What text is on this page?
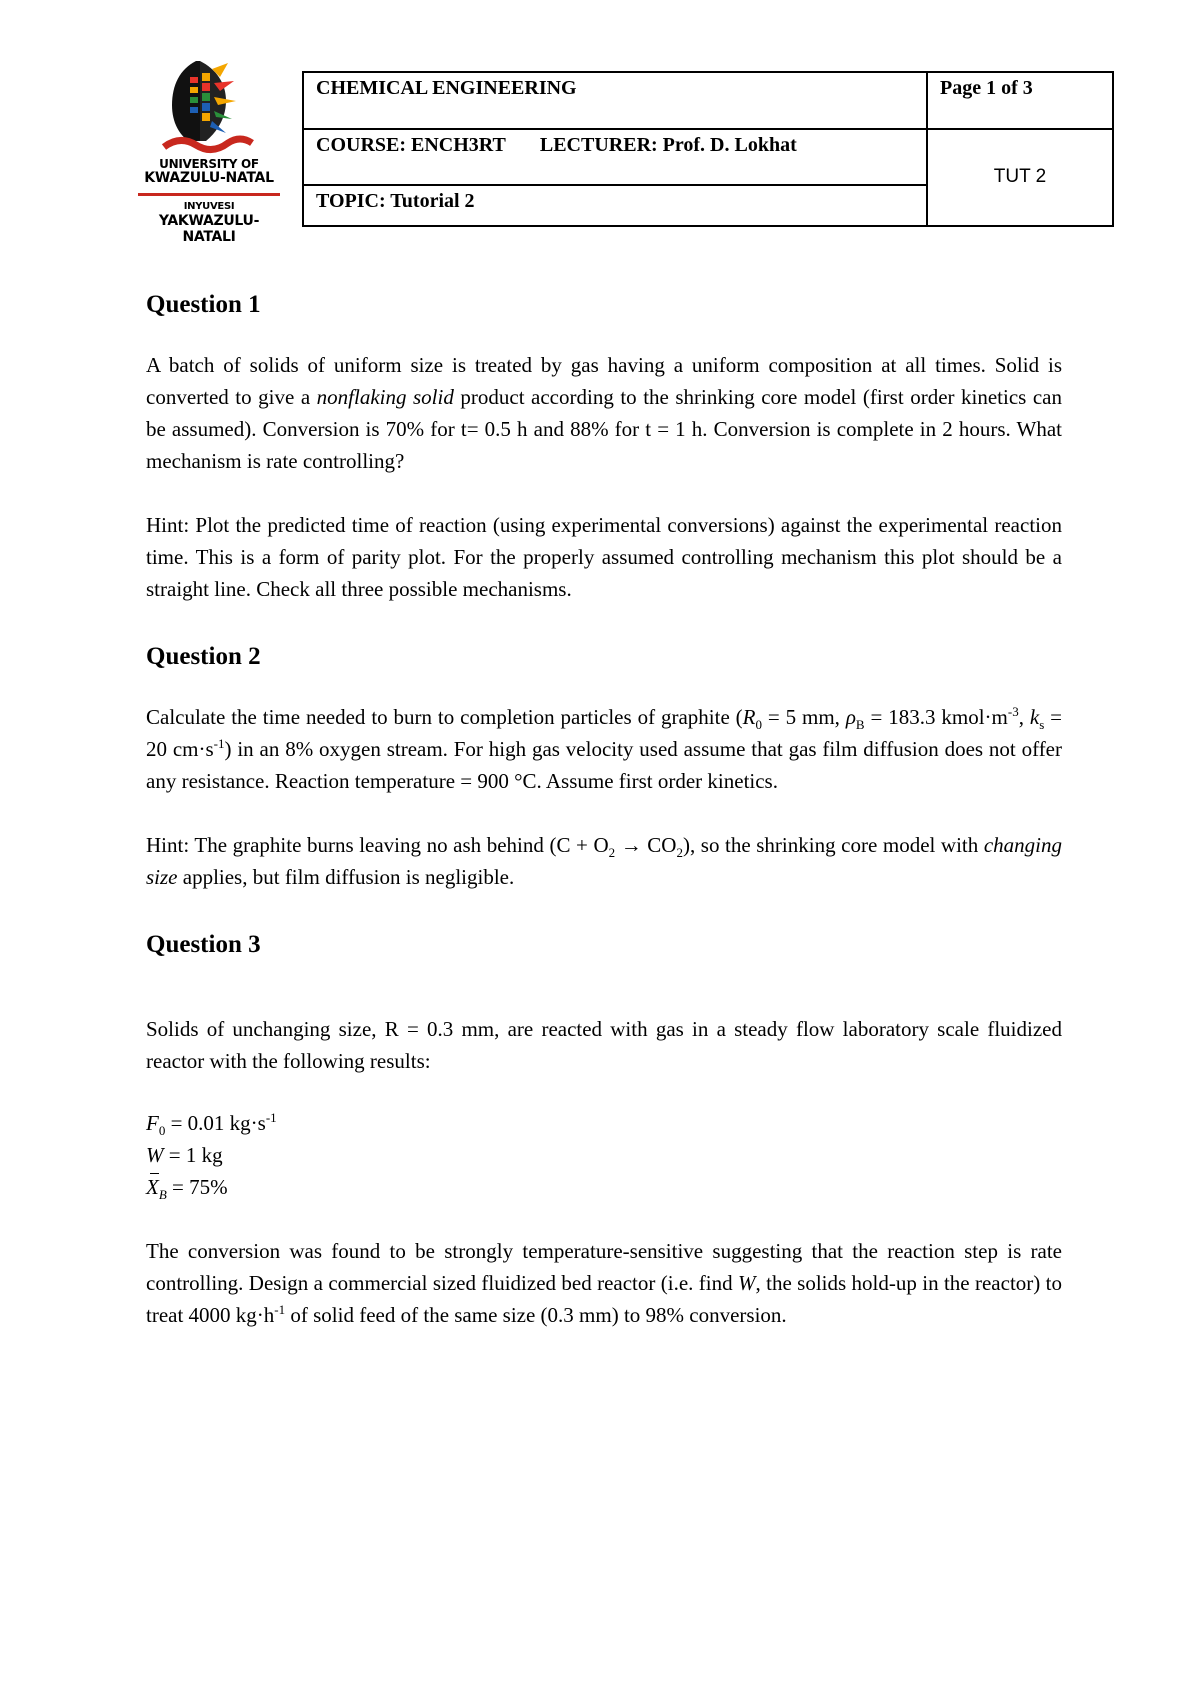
UNIVERSITY OF
KWAZULU-NATAL
INYUVESI
YAKWAZULU-NATALI
CHEMICAL ENGINEERING	Page 1 of 3
COURSE: ENCH3RT LECTURER: Prof. D. Lokhat	TUT 2
TOPIC: Tutorial 2	
Question 1

A batch of solids of uniform size is treated by gas having a uniform composition at all times. Solid is converted to give a nonflaking solid product according to the shrinking core model (first order kinetics can be assumed). Conversion is 70% for t= 0.5 h and 88% for t = 1 h. Conversion is complete in 2 hours. What mechanism is rate controlling?

Hint: Plot the predicted time of reaction (using experimental conversions) against the experimental reaction time. This is a form of parity plot. For the properly assumed controlling mechanism this plot should be a straight line. Check all three possible mechanisms.

Question 2

Calculate the time needed to burn to completion particles of graphite ($R_0 = 5$ mm, $\rho_B = 183.3$ $kmol\cdot m^{-3}$, $k_s = 20$ $cm\cdot s^{-1}$) in an 8% oxygen stream. For high gas velocity used assume that gas film diffusion does not offer any resistance. Reaction temperature = 900 °C. Assume first order kinetics.

Hint: The graphite burns leaving no ash behind $(C + O_2 \to CO_2)$, so the shrinking core model with changing size applies, but film diffusion is negligible.

Question 3

Solids of unchanging size, R = 0.3 mm, are reacted with gas in a steady flow laboratory scale fluidized reactor with the following results:

$F_0 = 0.01$ $kg\cdot s^{-1}$

W = 1 kg

$X_B = 75\%$

The conversion was found to be strongly temperature-sensitive suggesting that the reaction step is rate controlling. Design a commercial sized fluidized bed reactor (i.e. find W, the solids hold-up in the reactor) to treat 4000 $kg\cdot h^{-1}$ of solid feed of the same size (0.3 mm) to 98% conversion.
